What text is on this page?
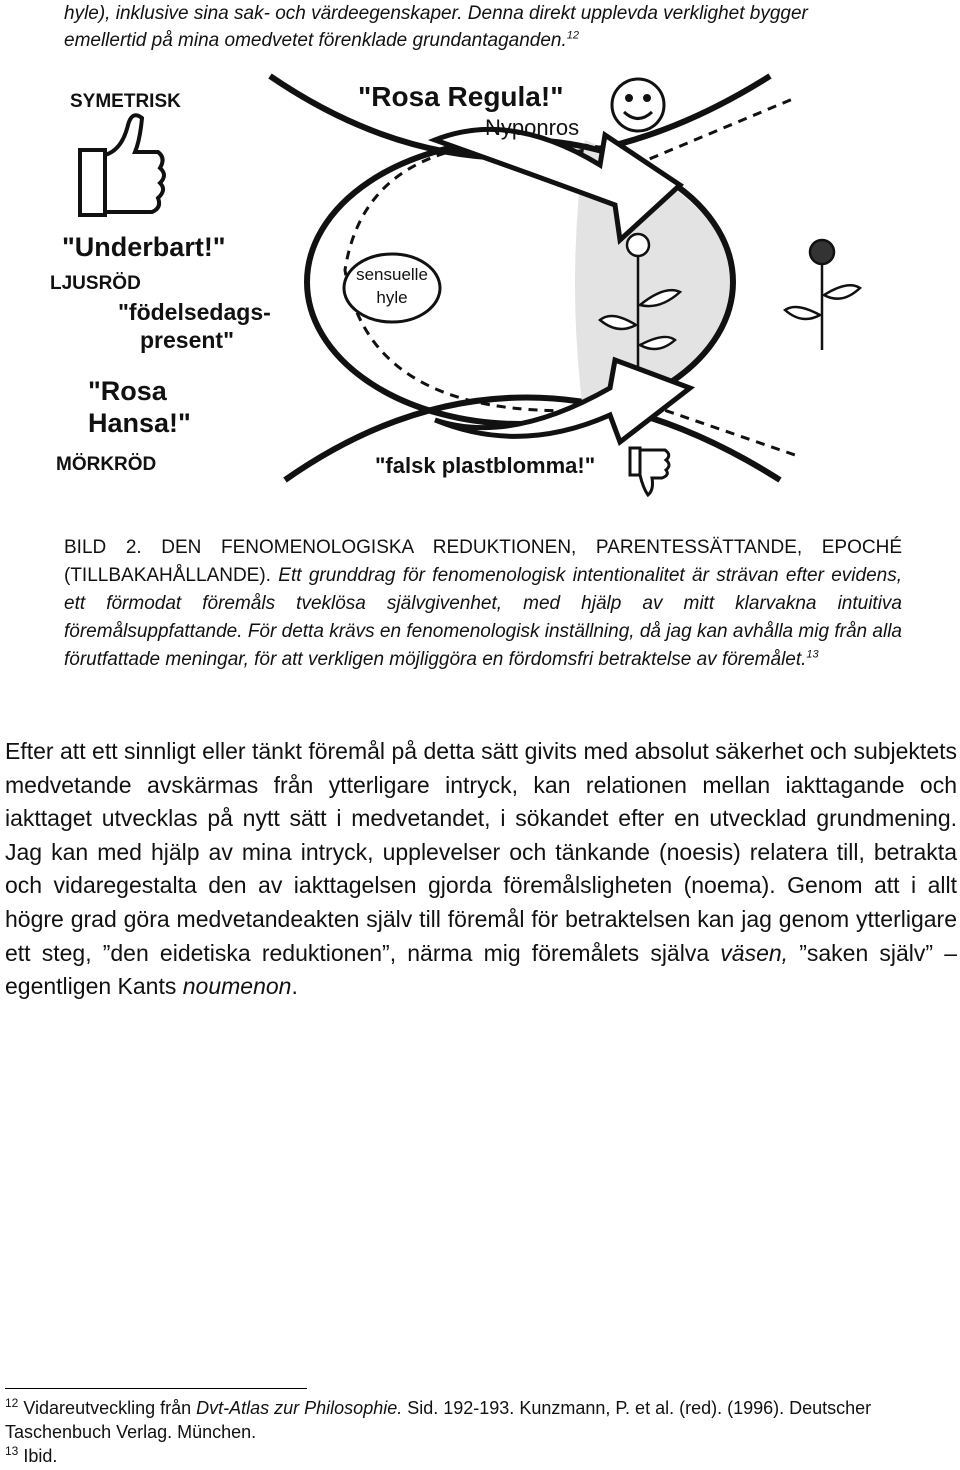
hyle), inklusive sina sak- och värdeegenskaper. Denna direkt upplevda verklighet bygger
emellertid på mina omedvetet förenklade grundantaganden.$^{12}$
sensuelle
hyle
SYMETRISK	"Rosa Regula!"
Nyponros
"Underbart!"
LJUSRÖD
"födelsedags-
present"
"Rosa
Hansa!"
MÖRKRÖD	"falsk plastblomma!"
BILD 2. DEN FENOMENOLOGISKA REDUKTIONEN, PARENTESSÄTTANDE, EPOCHÉ (TILLBAKAHÅLLANDE). Ett grunddrag för fenomenologisk intentionalitet är strävan efter evidens, ett förmodat föremåls tveklösa självgivenhet, med hjälp av mitt klarvakna intuitiva föremålsuppfattande. För detta krävs en fenomenologisk inställning, då jag kan avhålla mig från alla förutfattade meningar, för att verkligen möjliggöra en fördomsfri betraktelse av föremålet.$^{13}$
Efter att ett sinnligt eller tänkt föremål på detta sätt givits med absolut säkerhet och subjektets medvetande avskärmas från ytterligare intryck, kan relationen mellan iakttagande och iakttaget utvecklas på nytt sätt i medvetandet, i sökandet efter en utvecklad grundmening. Jag kan med hjälp av mina intryck, upplevelser och tänkande (noesis) relatera till, betrakta och vidaregestalta den av iakttagelsen gjorda föremålsligheten (noema). Genom att i allt högre grad göra medvetandeakten själv till föremål för betraktelsen kan jag genom ytterligare ett steg, ”den eidetiska reduktionen”, närma mig föremålets själva väsen, ”saken själv” – egentligen Kants noumenon.
$^{12}$ Vidareutveckling från Dvt-Atlas zur Philosophie. Sid. 192-193. Kunzmann, P. et al. (red). (1996). Deutscher Taschenbuch Verlag. München.
$^{13}$ Ibid.
